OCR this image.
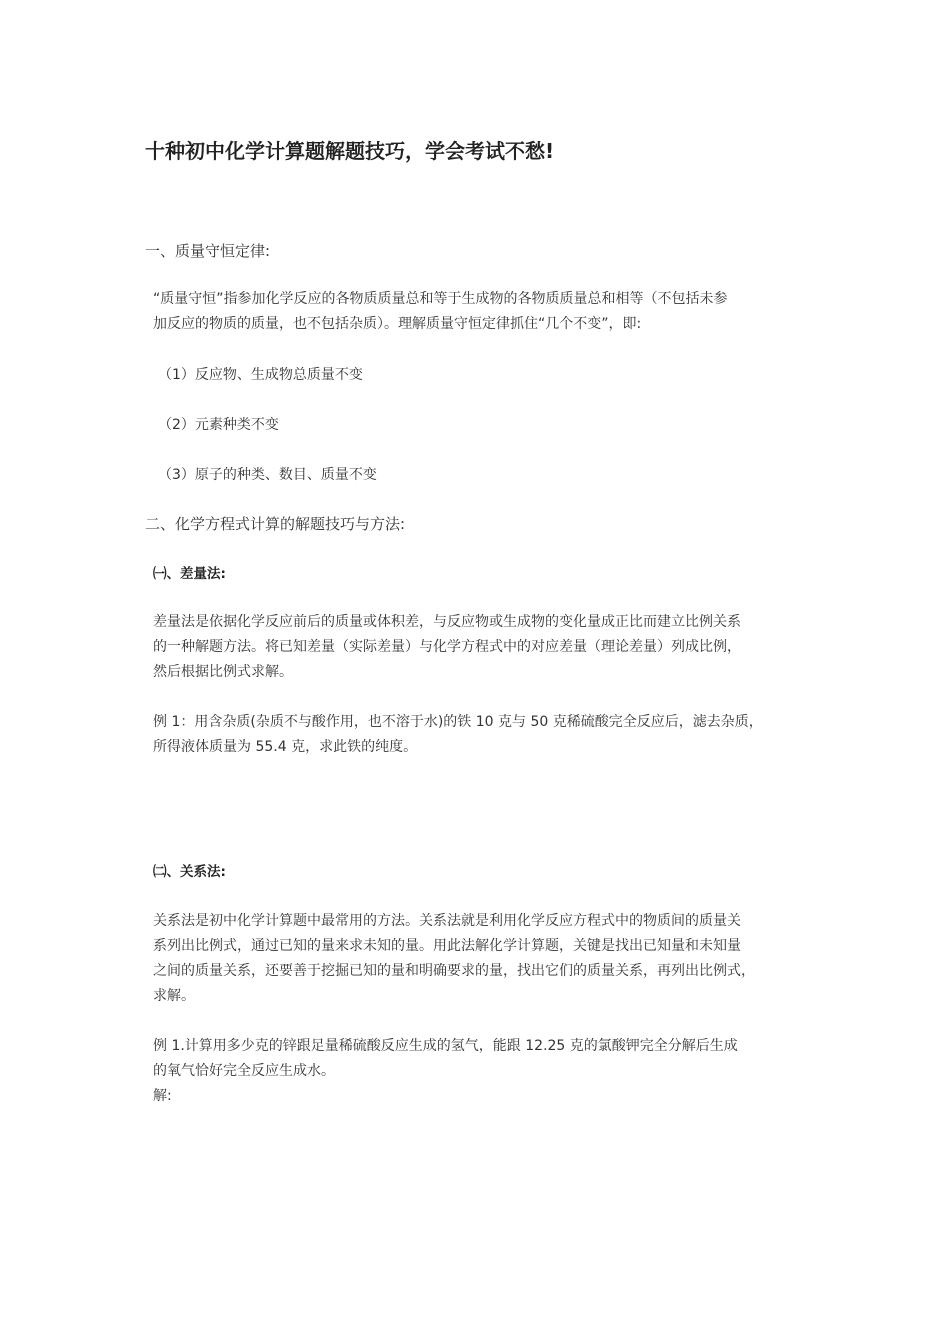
十种初中化学计算题解题技巧，学会考试不愁!

一、质量守恒定律:

“质量守恒”指参加化学反应的各物质质量总和等于生成物的各物质质量总和相等（不包括未参

加反应的物质的质量，也不包括杂质）。理解质量守恒定律抓住“几个不变”，即:

（1）反应物、生成物总质量不变

（2）元素种类不变

（3）原子的种类、数目、质量不变

二、化学方程式计算的解题技巧与方法:

㈠、差量法:

差量法是依据化学反应前后的质量或体积差，与反应物或生成物的变化量成正比而建立比例关系

的一种解题方法。将已知差量（实际差量）与化学方程式中的对应差量（理论差量）列成比例，

然后根据比例式求解。

例 1：用含杂质(杂质不与酸作用，也不溶于水)的铁 10 克与 50 克稀硫酸完全反应后，滤去杂质，

所得液体质量为 55.4 克，求此铁的纯度。

㈡、关系法:

关系法是初中化学计算题中最常用的方法。关系法就是利用化学反应方程式中的物质间的质量关

系列出比例式，通过已知的量来求未知的量。用此法解化学计算题，关键是找出已知量和未知量

之间的质量关系，还要善于挖掘已知的量和明确要求的量，找出它们的质量关系，再列出比例式，

求解。

例 1.计算用多少克的锌跟足量稀硫酸反应生成的氢气，能跟 12.25 克的氯酸钾完全分解后生成

的氧气恰好完全反应生成水。

解:
